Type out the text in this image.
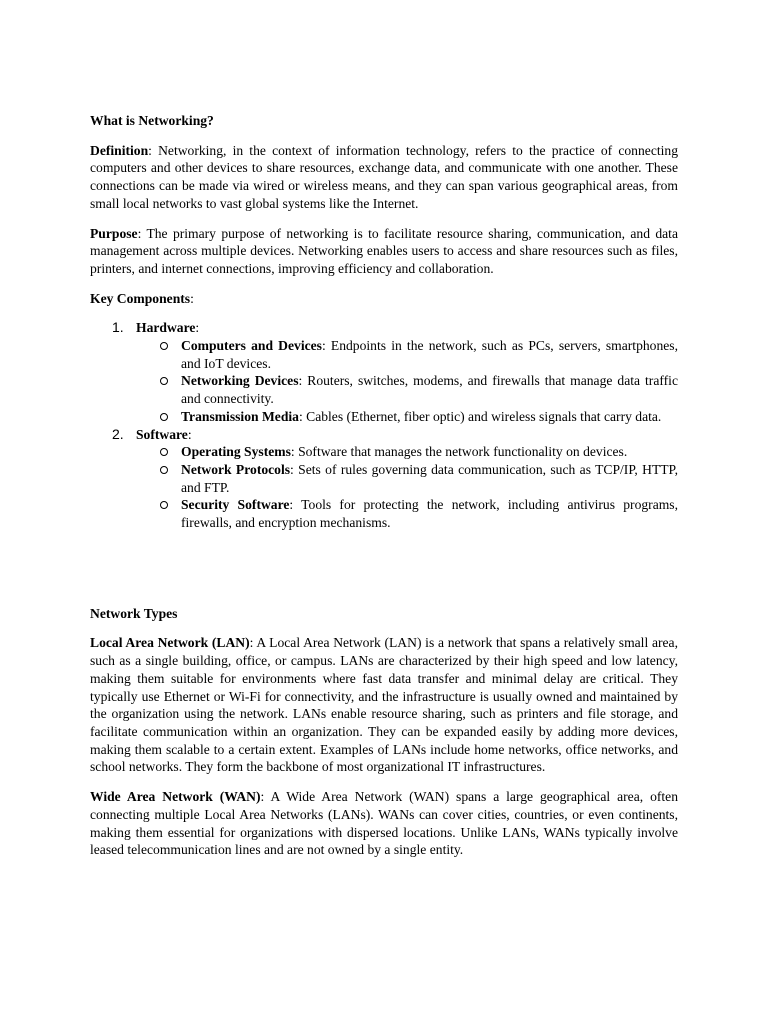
What is Networking?

Definition: Networking, in the context of information technology, refers to the practice of connecting computers and other devices to share resources, exchange data, and communicate with one another. These connections can be made via wired or wireless means, and they can span various geographical areas, from small local networks to vast global systems like the Internet.

Purpose: The primary purpose of networking is to facilitate resource sharing, communication, and data management across multiple devices. Networking enables users to access and share resources such as files, printers, and internet connections, improving efficiency and collaboration.

Key Components:

1. Hardware:
Computers and Devices: Endpoints in the network, such as PCs, servers, smartphones, and IoT devices.
Networking Devices: Routers, switches, modems, and firewalls that manage data traffic and connectivity.
Transmission Media: Cables (Ethernet, fiber optic) and wireless signals that carry data.
2. Software:
Operating Systems: Software that manages the network functionality on devices.
Network Protocols: Sets of rules governing data communication, such as TCP/IP, HTTP, and FTP.
Security Software: Tools for protecting the network, including antivirus programs, firewalls, and encryption mechanisms.

Network Types

Local Area Network (LAN): A Local Area Network (LAN) is a network that spans a relatively small area, such as a single building, office, or campus. LANs are characterized by their high speed and low latency, making them suitable for environments where fast data transfer and minimal delay are critical. They typically use Ethernet or Wi-Fi for connectivity, and the infrastructure is usually owned and maintained by the organization using the network. LANs enable resource sharing, such as printers and file storage, and facilitate communication within an organization. They can be expanded easily by adding more devices, making them scalable to a certain extent. Examples of LANs include home networks, office networks, and school networks. They form the backbone of most organizational IT infrastructures.

Wide Area Network (WAN): A Wide Area Network (WAN) spans a large geographical area, often connecting multiple Local Area Networks (LANs). WANs can cover cities, countries, or even continents, making them essential for organizations with dispersed locations. Unlike LANs, WANs typically involve leased telecommunication lines and are not owned by a single entity.
